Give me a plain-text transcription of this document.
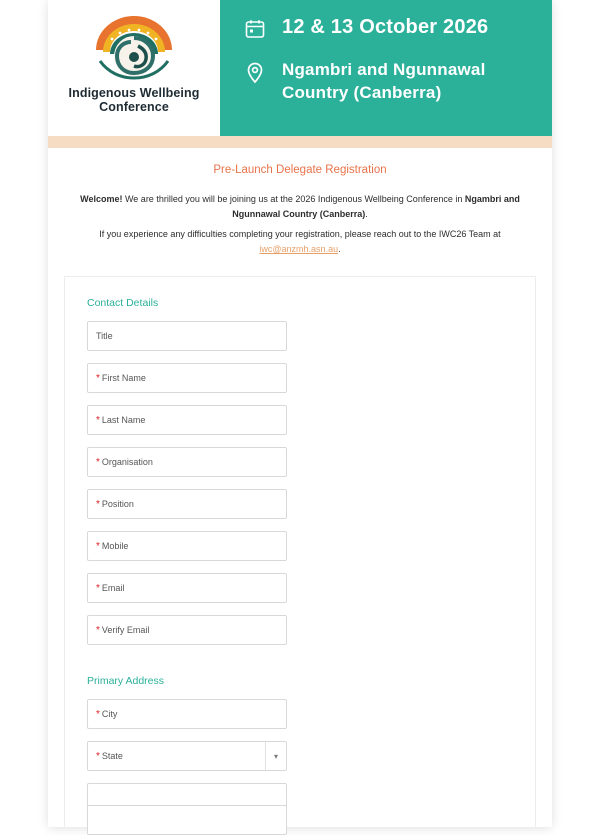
Indigenous Wellbeing
Conference
12 & 13 October 2026
Ngambri and Ngunnawal
Country (Canberra)
Pre-Launch Delegate Registration
Welcome! We are thrilled you will be joining us at the 2026 Indigenous Wellbeing Conference in Ngambri and Ngunnawal Country (Canberra).
If you experience any difficulties completing your registration, please reach out to the IWC26 Team at iwc@anzmh.asn.au.
Contact Details
Title
* First Name
* Last Name
* Organisation
* Position
* Mobile
* Email
* Verify Email
Primary Address
* City
* State	▾
